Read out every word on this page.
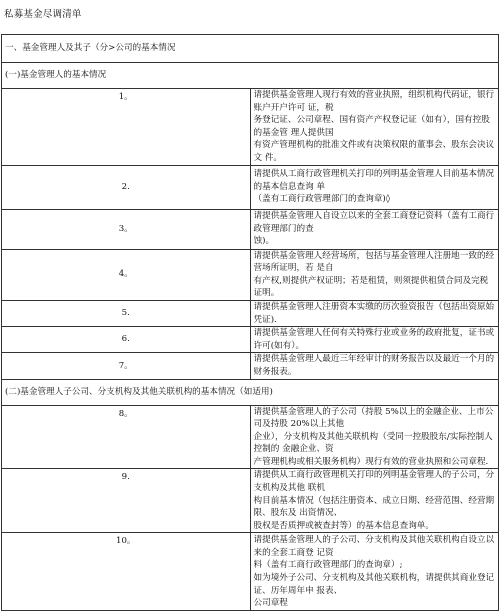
私募基金尽调清单
一、基金管理人及其子（分>公司的基本情况	
(一)基金管理人的基本情况	
1。	请提供基金管理人现行有效的营业执照，组织机构代码证，银行账户开户许可 证，税
务登记证、公司章程、国有资产产权登记证（如有），国有控股的基金管 理人提供国
有资产管理机构的批准文件或有决策权限的董事会、股东会决议文 件。

2.	请提供从工商行政管理机关打印的列明基金管理人目前基本情况的基本信息查询 单
（盖有工商行政管理部门的查询章)◊

3。	请提供基金管理人自设立以来的全套工商登记资料（盖有工商行政管理部门的查
蚀)。

4。	请提供基金管理人经营场所，包括与基金管理人注册地一致的经营场所证明，若 是自
有产权,则提供产权证明；若是租赁，则须提供租赁合同及完税证明。

5.	请提供基金管理人注册资本实缴的历次验资报告（包括出资原始凭证).

6.	请提供基金管理人任何有关特殊行业或业务的政府批复，证书或许可(如有）。

7。	请提供基金管理人最近三年经审计的财务报告以及最近一个月的财务报表。

(二)基金管理人子公司、分支机构及其他关联机构的基本情况（如适用)	
8。	请提供基金管理人的子公司（持股 5%以上的金融企业、上市公司及持股 20%以上其他
企业），分支机构及其他关联机构（受同一控股股东/实际控制人控制的 金融企业、资
产管理机构或相关服务机构）现行有效的营业执照和公司章程.

9.	请提供从工商行政管理机关打印的列明基金管理人的子公司，分支机构及其他 联机
构目前基本情况（包括注册资本、成立日期、经营范围、经营期限、股东及 出资情况、
股权是否质押或被查封等）的基本信息查询单。

10。	请提供基金管理人的子公司、分支机构及其他关联机构自设立以来的全套工商登 记资
料（盖有工商行政管理部门的查询章）;
如为境外子公司、分支机构及其他关联机构，请提供其商业登记证、历年周年申 报表、
公司章程
